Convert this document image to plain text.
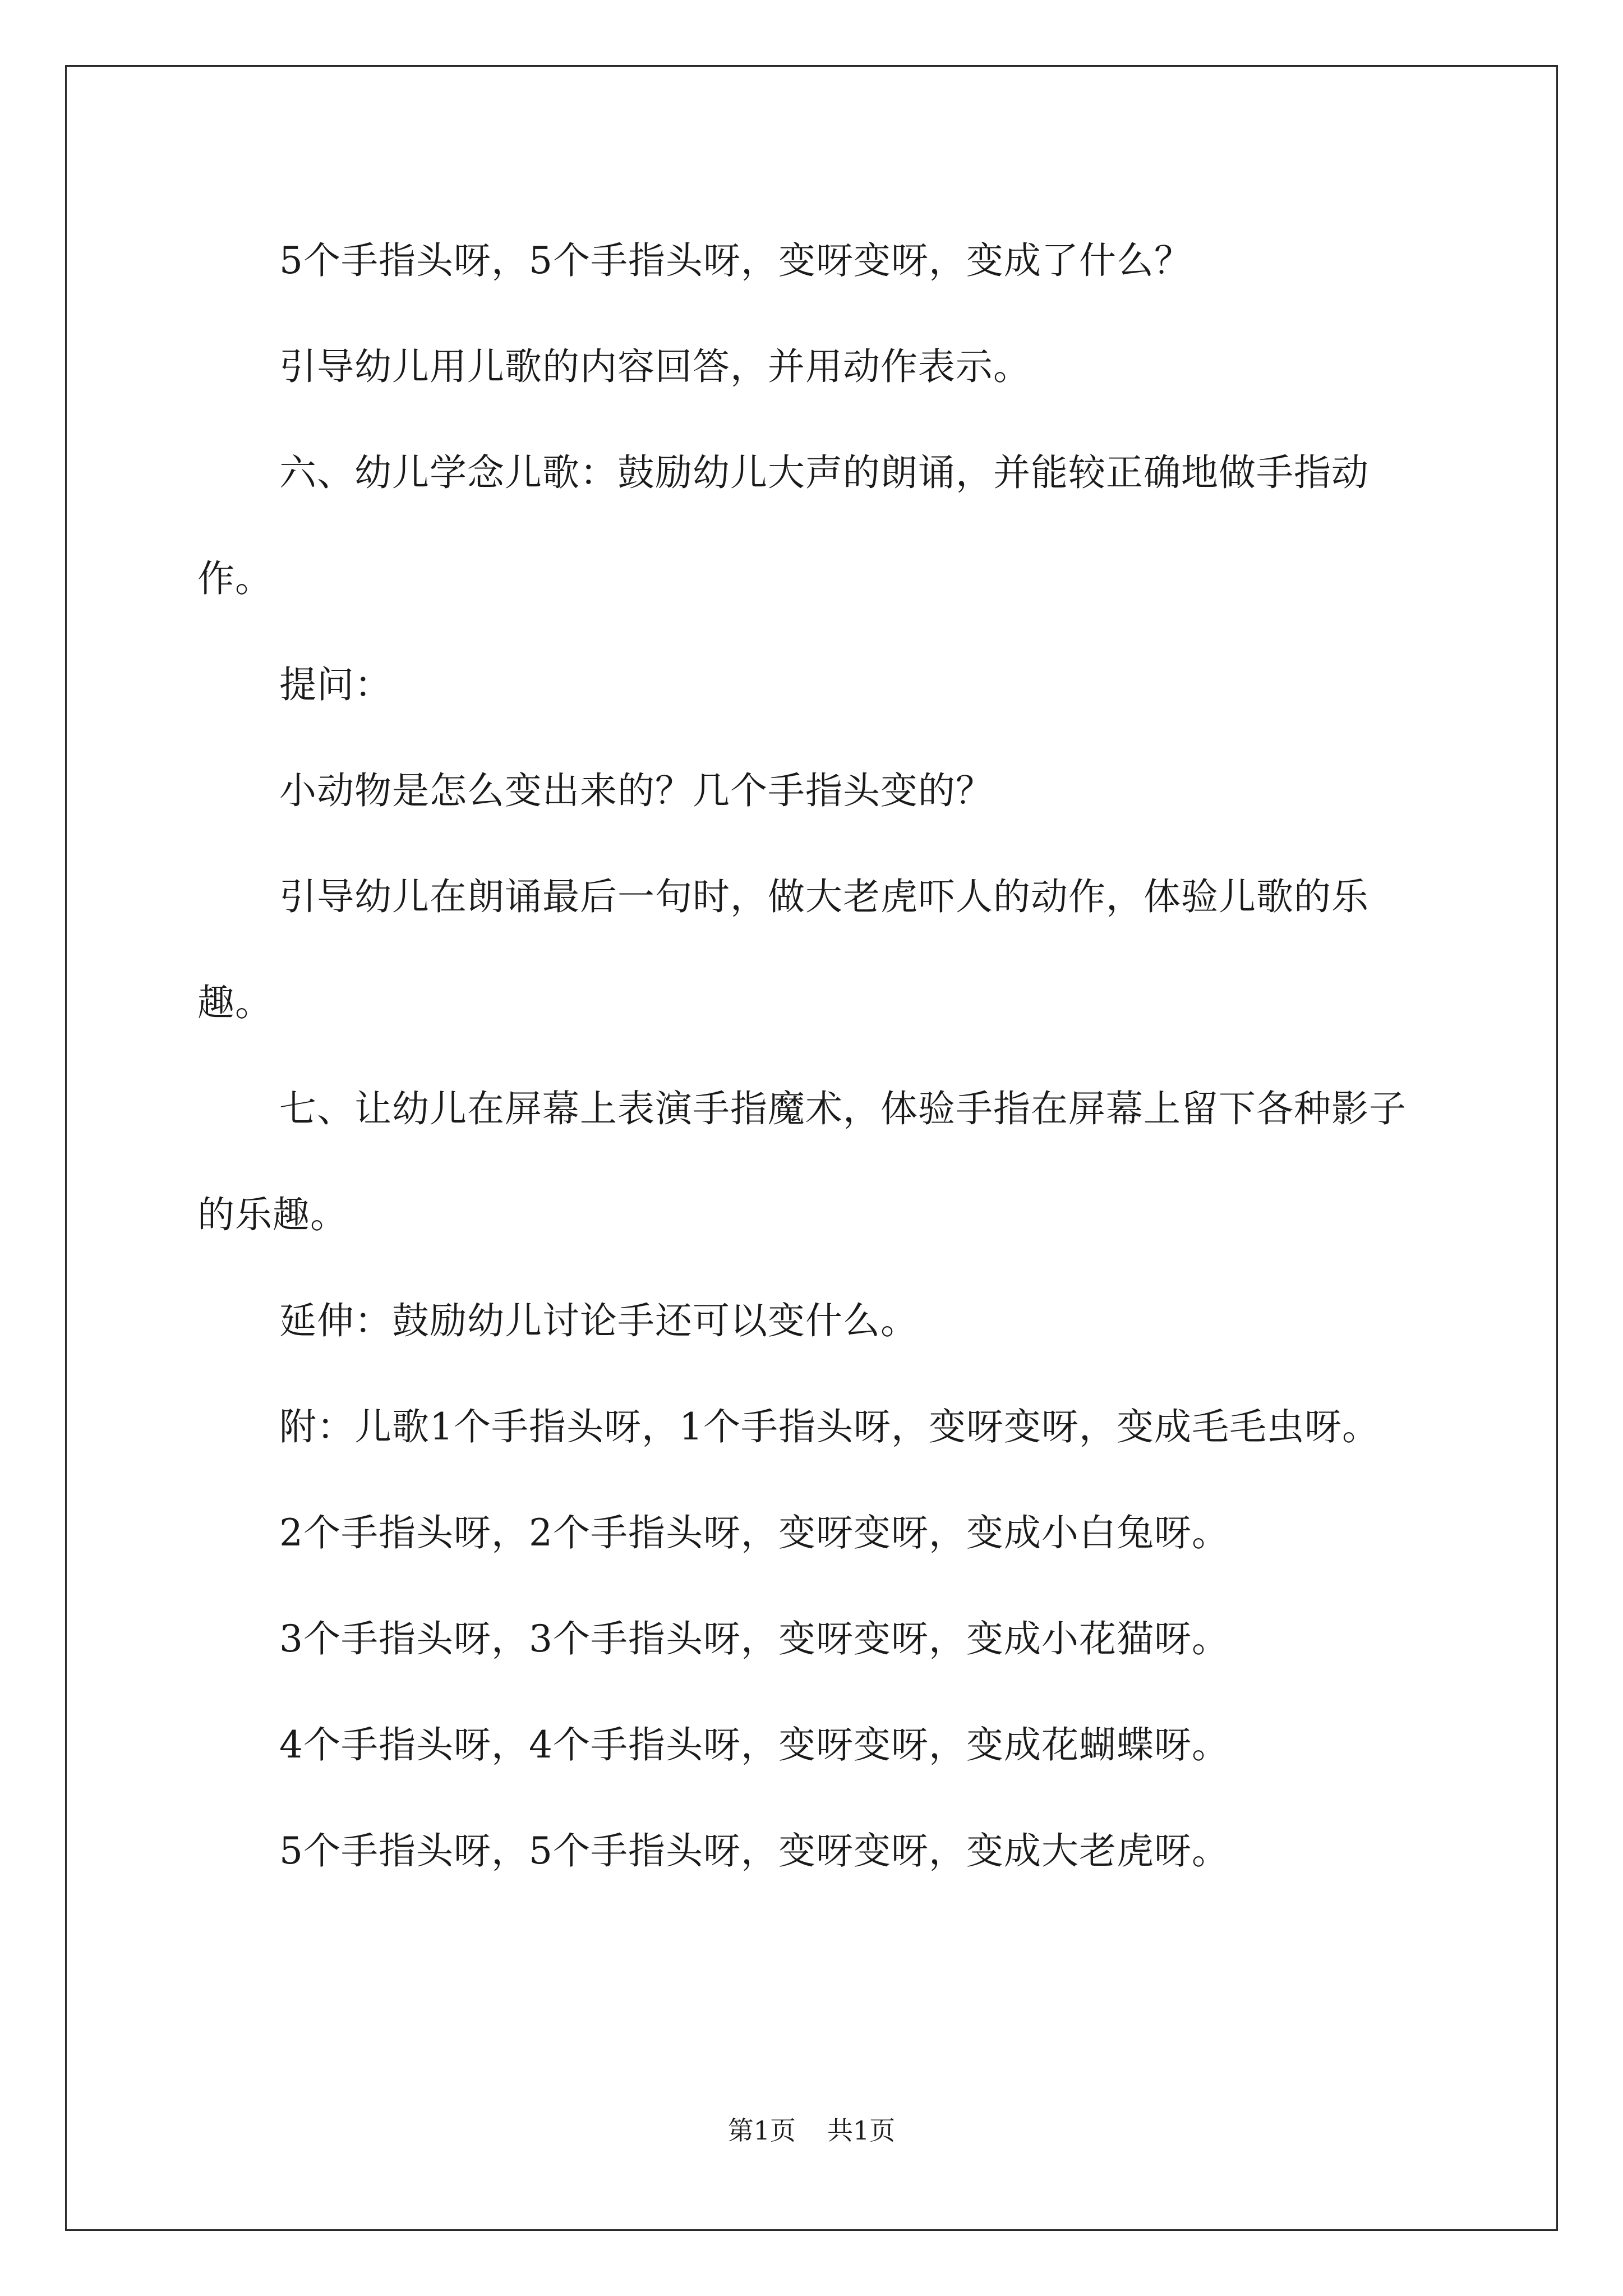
5个手指头呀，5个手指头呀，变呀变呀，变成了什么？

引导幼儿用儿歌的内容回答，并用动作表示。

六、幼儿学念儿歌：鼓励幼儿大声的朗诵，并能较正确地做手指动作。

提问：

小动物是怎么变出来的？几个手指头变的？

引导幼儿在朗诵最后一句时，做大老虎吓人的动作，体验儿歌的乐趣。

七、让幼儿在屏幕上表演手指魔术，体验手指在屏幕上留下各种影子的乐趣。

延伸：鼓励幼儿讨论手还可以变什么。

附：儿歌1个手指头呀，1个手指头呀，变呀变呀，变成毛毛虫呀。

2个手指头呀，2个手指头呀，变呀变呀，变成小白兔呀。

3个手指头呀，3个手指头呀，变呀变呀，变成小花猫呀。

4个手指头呀，4个手指头呀，变呀变呀，变成花蝴蝶呀。

5个手指头呀，5个手指头呀，变呀变呀，变成大老虎呀。

第1页 共1页
